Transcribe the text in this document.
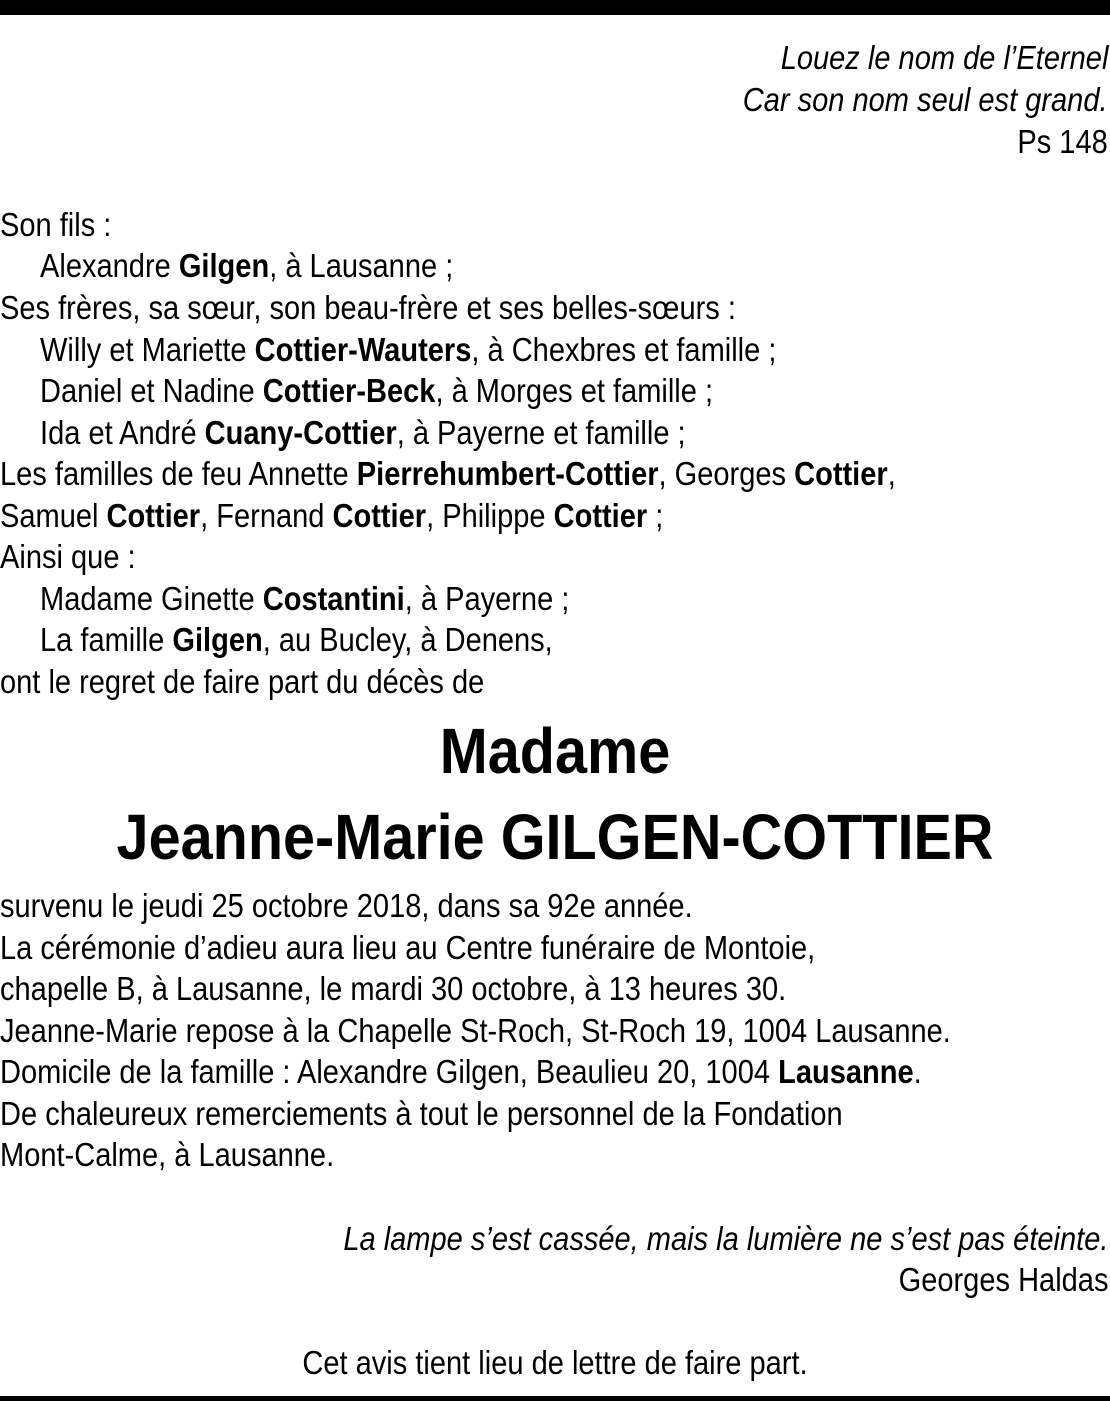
Louez le nom de l’Eternel
Car son nom seul est grand.
Ps 148
Son fils :
Alexandre Gilgen, à Lausanne ;
Ses frères, sa sœur, son beau-frère et ses belles-sœurs :
Willy et Mariette Cottier-Wauters, à Chexbres et famille ;
Daniel et Nadine Cottier-Beck, à Morges et famille ;
Ida et André Cuany-Cottier, à Payerne et famille ;
Les familles de feu Annette Pierrehumbert-Cottier, Georges Cottier,
Samuel Cottier, Fernand Cottier, Philippe Cottier ;
Ainsi que :
Madame Ginette Costantini, à Payerne ;
La famille Gilgen, au Bucley, à Denens,
ont le regret de faire part du décès de
Madame
Jeanne-Marie GILGEN-COTTIER
survenu le jeudi 25 octobre 2018, dans sa 92e année.
La cérémonie d’adieu aura lieu au Centre funéraire de Montoie,
chapelle B, à Lausanne, le mardi 30 octobre, à 13 heures 30.
Jeanne-Marie repose à la Chapelle St-Roch, St-Roch 19, 1004 Lausanne.
Domicile de la famille : Alexandre Gilgen, Beaulieu 20, 1004 Lausanne.
De chaleureux remerciements à tout le personnel de la Fondation
Mont-Calme, à Lausanne.
La lampe s’est cassée, mais la lumière ne s’est pas éteinte.
Georges Haldas
Cet avis tient lieu de lettre de faire part.
